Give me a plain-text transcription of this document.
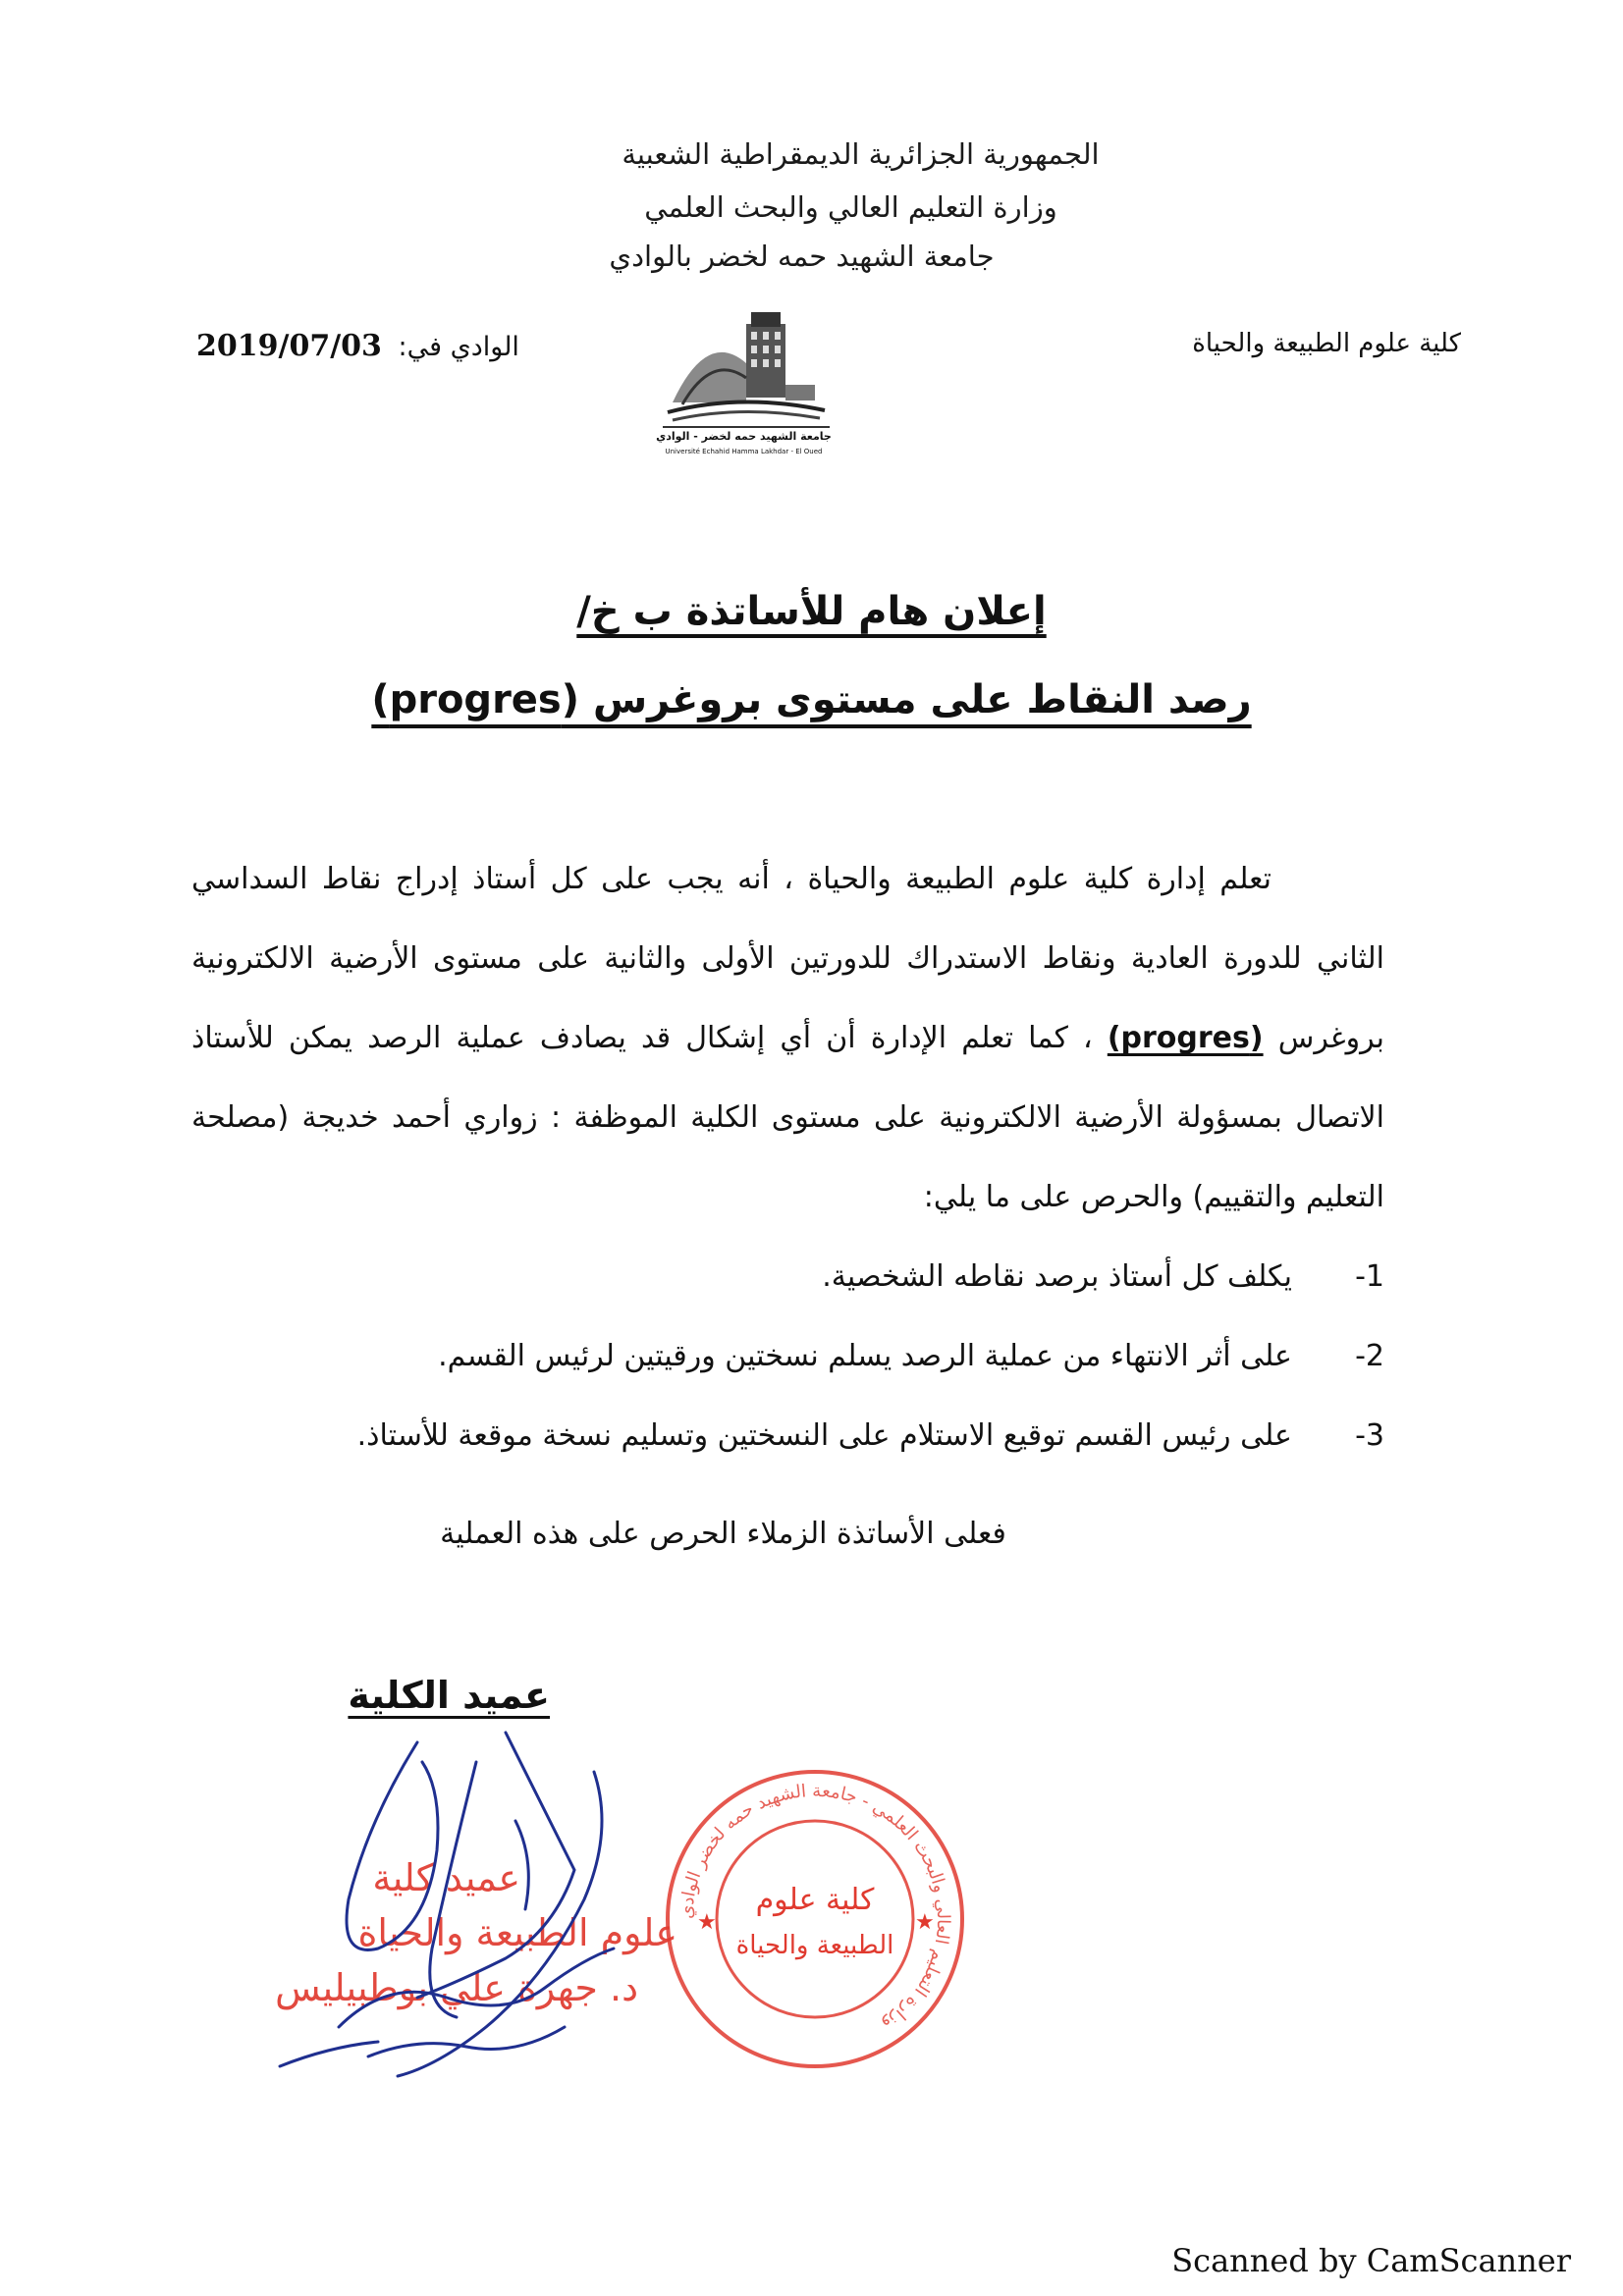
الجمهورية الجزائرية الديمقراطية الشعبية
وزارة التعليم العالي والبحث العلمي
جامعة الشهيد حمه لخضر بالوادي
كلية علوم الطبيعة والحياة
الوادي في: 2019/07/03
جامعة الشهيد حمه لخضر - الوادي
Université Echahid Hamma Lakhdar - El Oued
إعلان هام للأساتذة ب خ/
رصد النقاط على مستوى بروغرس (progres)

تعلم إدارة كلية علوم الطبيعة والحياة ، أنه يجب على كل أستاذ إدراج نقاط السداسي الثاني للدورة العادية ونقاط الاستدراك للدورتين الأولى والثانية على مستوى الأرضية الالكترونية بروغرس (progres) ، كما تعلم الإدارة أن أي إشكال قد يصادف عملية الرصد يمكن للأستاذ الاتصال بمسؤولة الأرضية الالكترونية على مستوى الكلية الموظفة : زواري أحمد خديجة (مصلحة التعليم والتقييم) والحرص على ما يلي:

1-  يكلف كل أستاذ برصد نقاطه الشخصية.
2-  على أثر الانتهاء من عملية الرصد يسلم نسختين ورقيتين لرئيس القسم.
3-  على رئيس القسم توقيع الاستلام على النسختين وتسليم نسخة موقعة للأستاذ.
فعلى الأساتذة الزملاء الحرص على هذه العملية
عميد الكلية
عميد كلية
علوم الطبيعة والحياة
د. جهرة علي بوطبيليس
وزارة التعليم العالي والبحث العلمي - جامعة الشهيد حمه لخضر الوادي
★	★
كلية علوم
الطبيعة والحياة
Scanned by CamScanner
